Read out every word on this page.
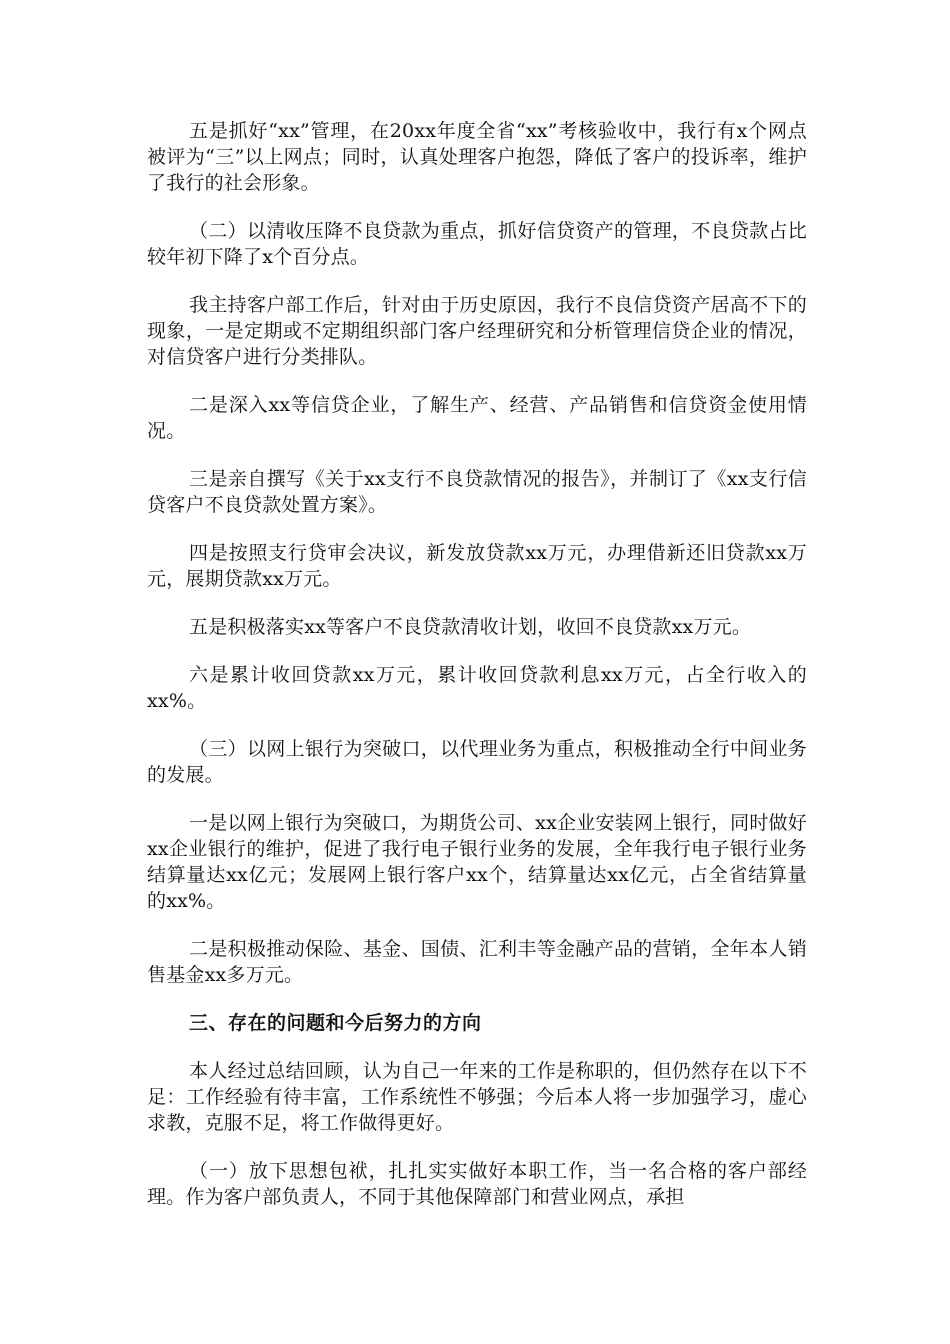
五是抓好“xx”管理，在20xx年度全省“xx”考核验收中，我行有x个网点被评为“三”以上网点；同时，认真处理客户抱怨，降低了客户的投诉率，维护了我行的社会形象。

（二）以清收压降不良贷款为重点，抓好信贷资产的管理，不良贷款占比较年初下降了x个百分点。

我主持客户部工作后，针对由于历史原因，我行不良信贷资产居高不下的现象，一是定期或不定期组织部门客户经理研究和分析管理信贷企业的情况，对信贷客户进行分类排队。

二是深入xx等信贷企业，了解生产、经营、产品销售和信贷资金使用情况。

三是亲自撰写《关于xx支行不良贷款情况的报告》，并制订了《xx支行信贷客户不良贷款处置方案》。

四是按照支行贷审会决议，新发放贷款xx万元，办理借新还旧贷款xx万元，展期贷款xx万元。

五是积极落实xx等客户不良贷款清收计划，收回不良贷款xx万元。

六是累计收回贷款xx万元，累计收回贷款利息xx万元，占全行收入的xx%。

（三）以网上银行为突破口，以代理业务为重点，积极推动全行中间业务的发展。

一是以网上银行为突破口，为期货公司、xx企业安装网上银行，同时做好xx企业银行的维护，促进了我行电子银行业务的发展，全年我行电子银行业务结算量达xx亿元；发展网上银行客户xx个，结算量达xx亿元，占全省结算量的xx%。

二是积极推动保险、基金、国债、汇利丰等金融产品的营销，全年本人销售基金xx多万元。

三、存在的问题和今后努力的方向

本人经过总结回顾，认为自己一年来的工作是称职的，但仍然存在以下不足：工作经验有待丰富，工作系统性不够强；今后本人将一步加强学习，虚心求教，克服不足，将工作做得更好。

（一）放下思想包袱，扎扎实实做好本职工作，当一名合格的客户部经理。作为客户部负责人，不同于其他保障部门和营业网点，承担
